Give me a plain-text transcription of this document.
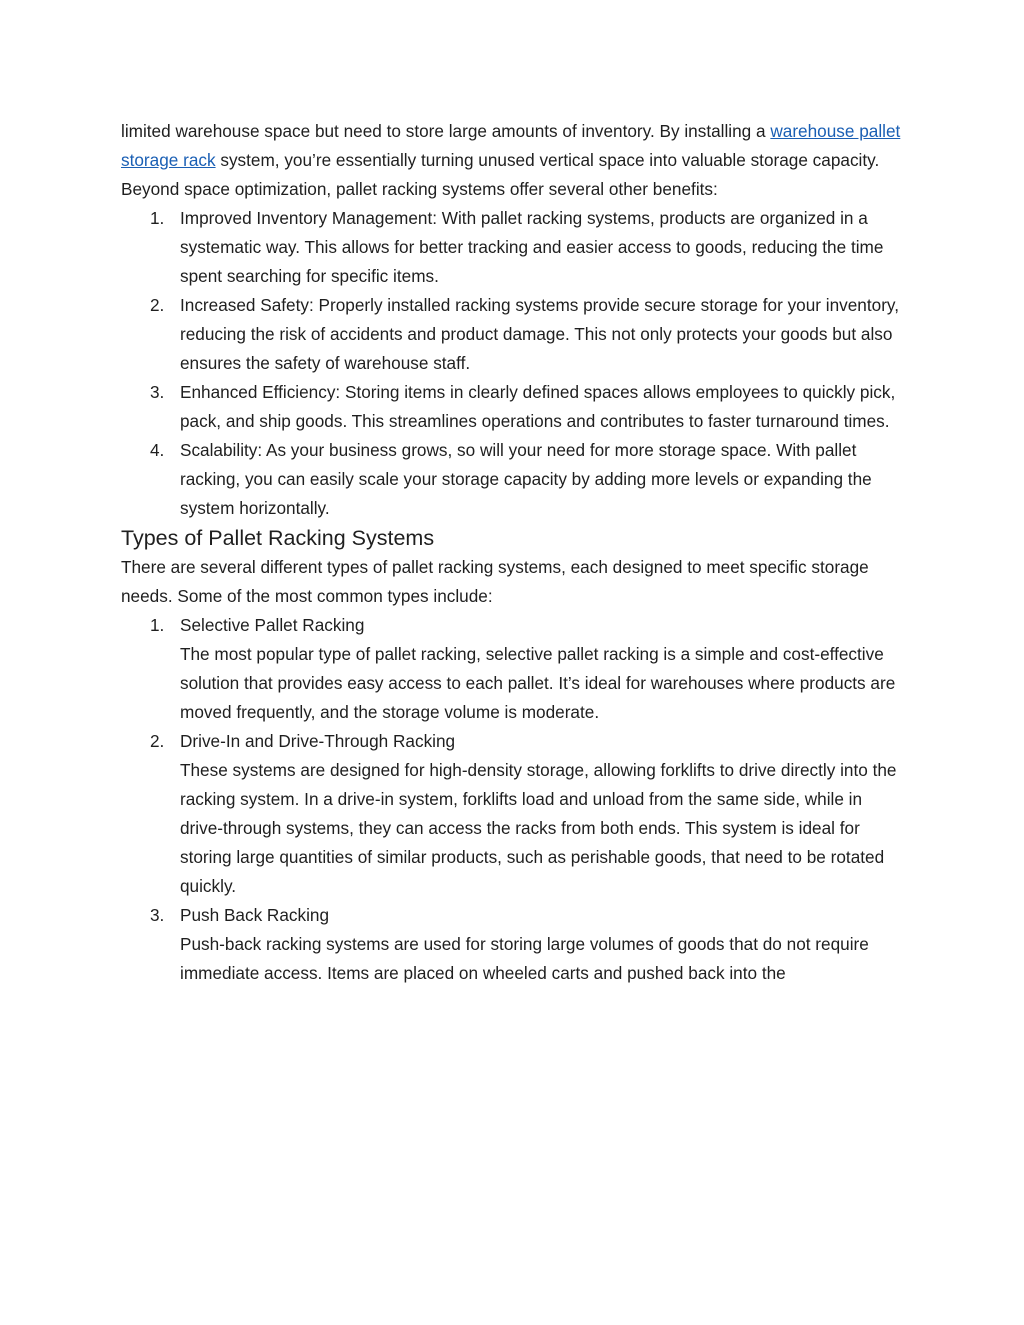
limited warehouse space but need to store large amounts of inventory. By installing a warehouse pallet storage rack system, you’re essentially turning unused vertical space into valuable storage capacity.

Beyond space optimization, pallet racking systems offer several other benefits:

1. Improved Inventory Management: With pallet racking systems, products are organized in a systematic way. This allows for better tracking and easier access to goods, reducing the time spent searching for specific items.
2. Increased Safety: Properly installed racking systems provide secure storage for your inventory, reducing the risk of accidents and product damage. This not only protects your goods but also ensures the safety of warehouse staff.
3. Enhanced Efficiency: Storing items in clearly defined spaces allows employees to quickly pick, pack, and ship goods. This streamlines operations and contributes to faster turnaround times.
4. Scalability: As your business grows, so will your need for more storage space. With pallet racking, you can easily scale your storage capacity by adding more levels or expanding the system horizontally.
Types of Pallet Racking Systems

There are several different types of pallet racking systems, each designed to meet specific storage needs. Some of the most common types include:

1. Selective Pallet Racking
The most popular type of pallet racking, selective pallet racking is a simple and cost-effective solution that provides easy access to each pallet. It’s ideal for warehouses where products are moved frequently, and the storage volume is moderate.
2. Drive-In and Drive-Through Racking
These systems are designed for high-density storage, allowing forklifts to drive directly into the racking system. In a drive-in system, forklifts load and unload from the same side, while in drive-through systems, they can access the racks from both ends. This system is ideal for storing large quantities of similar products, such as perishable goods, that need to be rotated quickly.
3. Push Back Racking
Push-back racking systems are used for storing large volumes of goods that do not require immediate access. Items are placed on wheeled carts and pushed back into the
